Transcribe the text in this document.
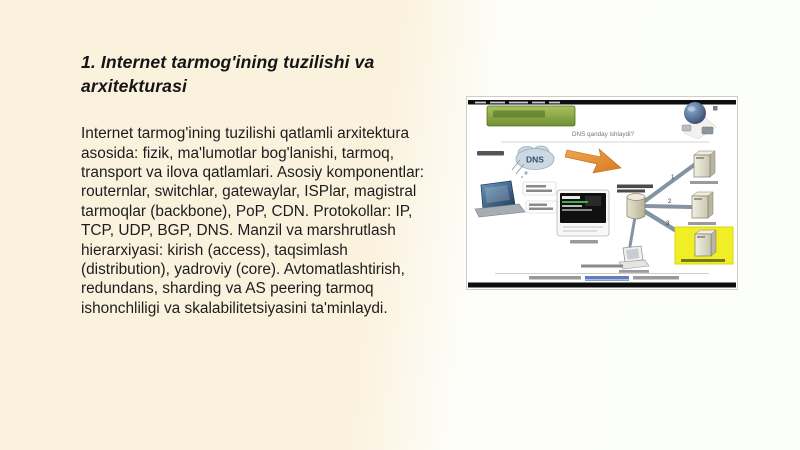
1. Internet tarmog'ining tuzilishi va arxitekturasi
Internet tarmog'ining tuzilishi qatlamli arxitektura asosida: fizik, ma'lumotlar bog'lanishi, tarmoq, transport va ilova qatlamlari. Asosiy komponentlar: routernlar, switchlar, gatewaylar, ISPlar, magistral tarmoqlar (backbone), PoP, CDN. Protokollar: IP, TCP, UDP, BGP, DNS. Manzil va marshrutlash hierarxiyasi: kirish (access), taqsimlash (distribution), yadroviy (core). Avtomatlashtirish, redundans, sharding va AS peering tarmoq ishonchliligi va skalabilitetsiyasini ta'minlaydi.
DNS qanday ishlaydi?
DNS
1
2
3
